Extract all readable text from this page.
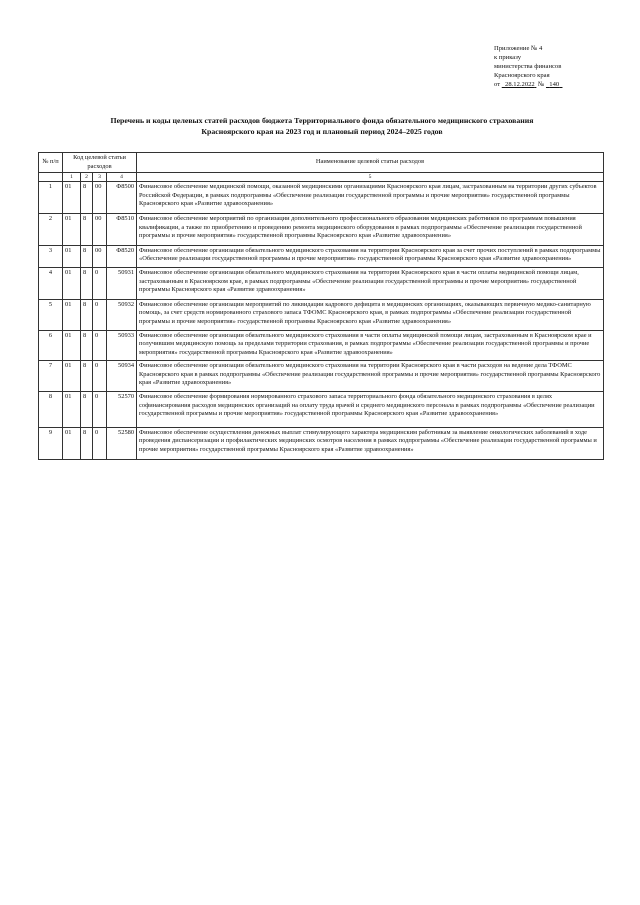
Приложение № 4
к приказу
министерства финансов
Красноярского края
от 28.12.2022 № 140
Перечень и коды целевых статей расходов бюджета Территориального фонда обязательного медицинского страхования
Красноярского края на 2023 год и плановый период 2024–2025 годов
№ п/п	Код целевой статьи расходов				Наименование целевой статьи расходов

	1	2	3	4	5
1	01	8	00	Ф8500	Финансовое обеспечение медицинской помощи, оказанной медицинскими организациями Красноярского края лицам, застрахованным на территории других субъектов Российской Федерации, в рамках подпрограммы «Обеспечение реализации государственной программы и прочие мероприятия» государственной программы Красноярского края «Развитие здравоохранения»
2	01	8	00	Ф8510	Финансовое обеспечение мероприятий по организации дополнительного профессионального образования медицинских работников по программам повышения квалификации, а также по приобретению и проведению ремонта медицинского оборудования в рамках подпрограммы «Обеспечение реализации государственной программы и прочие мероприятия» государственной программы Красноярского края «Развитие здравоохранения»
3	01	8	00	Ф8520	Финансовое обеспечение организации обязательного медицинского страхования на территории Красноярского края за счет прочих поступлений в рамках подпрограммы «Обеспечение реализации государственной программы и прочие мероприятия» государственной программы Красноярского края «Развитие здравоохранения»
4	01	8	0	50931	Финансовое обеспечение организации обязательного медицинского страхования на территории Красноярского края в части оплаты медицинской помощи лицам, застрахованным в Красноярском крае, в рамках подпрограммы «Обеспечение реализации государственной программы и прочие мероприятия» государственной программы Красноярского края «Развитие здравоохранения»
5	01	8	0	50932	Финансовое обеспечение организации мероприятий по ликвидации кадрового дефицита в медицинских организациях, оказывающих первичную медико-санитарную помощь, за счет средств нормированного страхового запаса ТФОМС Красноярского края, в рамках подпрограммы «Обеспечение реализации государственной программы и прочие мероприятия» государственной программы Красноярского края «Развитие здравоохранения»
6	01	8	0	50933	Финансовое обеспечение организации обязательного медицинского страхования в части оплаты медицинской помощи лицам, застрахованным в Красноярском крае и получившим медицинскую помощь за пределами территории страхования, в рамках подпрограммы «Обеспечение реализации государственной программы и прочие мероприятия» государственной программы Красноярского края «Развитие здравоохранения»
7	01	8	0	50934	Финансовое обеспечение организации обязательного медицинского страхования на территории Красноярского края в части расходов на ведение дела ТФОМС Красноярского края в рамках подпрограммы «Обеспечение реализации государственной программы и прочие мероприятия» государственной программы Красноярского края «Развитие здравоохранения»
8	01	8	0	52570	Финансовое обеспечение формирования нормированного страхового запаса территориального фонда обязательного медицинского страхования в целях софинансирования расходов медицинских организаций на оплату труда врачей и среднего медицинского персонала в рамках подпрограммы «Обеспечение реализации государственной программы и прочие мероприятия» государственной программы Красноярского края «Развитие здравоохранения»
9	01	8	0	52580	Финансовое обеспечение осуществления денежных выплат стимулирующего характера медицинским работникам за выявление онкологических заболеваний в ходе проведения диспансеризации и профилактических медицинских осмотров населения в рамках подпрограммы «Обеспечение реализации государственной программы и прочие мероприятия» государственной программы Красноярского края «Развитие здравоохранения»
